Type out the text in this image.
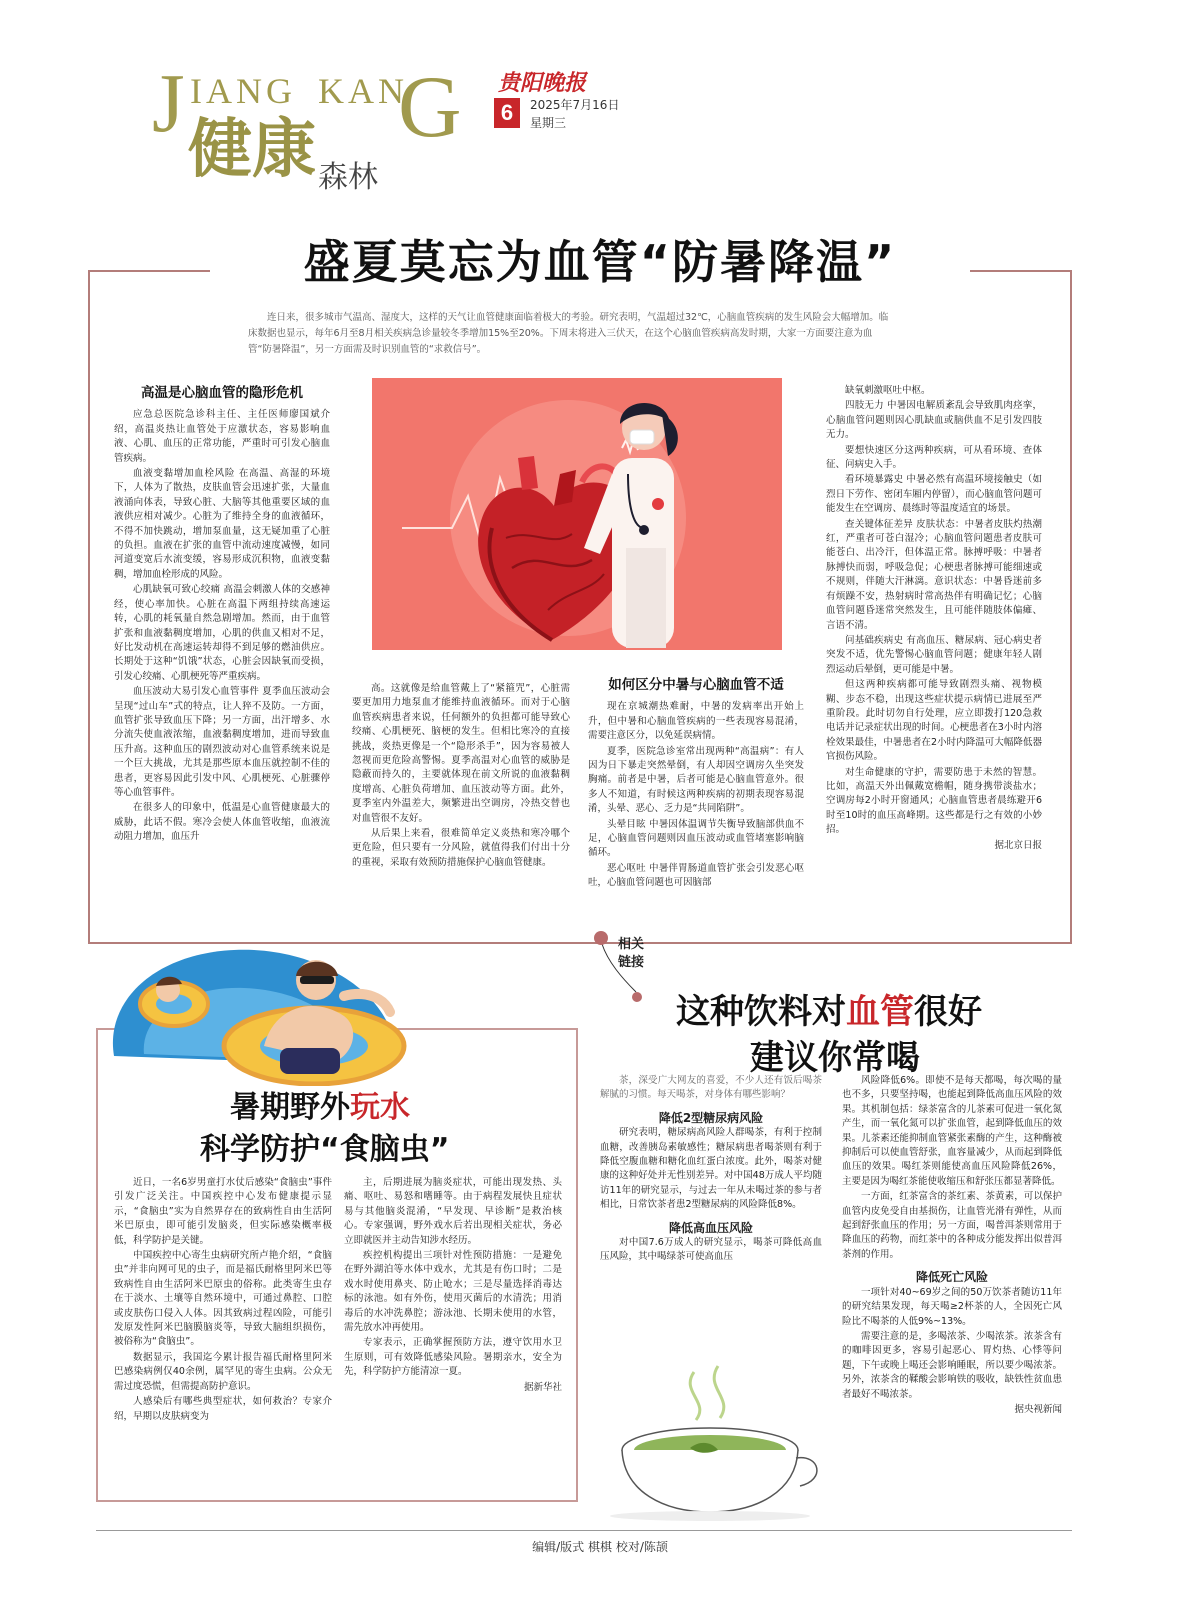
J IANG KAN
G
健康 森林
贵阳晚报
6	2025年7月16日
星期三
盛夏莫忘为血管“防暑降温”
连日来，很多城市气温高、湿度大，这样的天气让血管健康面临着极大的考验。研究表明，气温超过32℃，心脑血管疾病的发生风险会大幅增加。临床数据也显示，每年6月至8月相关疾病急诊量较冬季增加15%至20%。下周末将进入三伏天，在这个心脑血管疾病高发时期，大家一方面要注意为血管“防暑降温”，另一方面需及时识别血管的“求救信号”。
高温是心脑血管的隐形危机

应急总医院急诊科主任、主任医师廖国斌介绍，高温炎热让血管处于应激状态，容易影响血液、心肌、血压的正常功能，严重时可引发心脑血管疾病。

血液变黏增加血栓风险 在高温、高湿的环境下，人体为了散热，皮肤血管会迅速扩张，大量血液涌向体表，导致心脏、大脑等其他重要区域的血液供应相对减少。心脏为了维持全身的血液循环，不得不加快跳动，增加泵血量，这无疑加重了心脏的负担。血液在扩张的血管中流动速度减慢，如同河道变宽后水流变缓，容易形成沉积物，血液变黏稠，增加血栓形成的风险。

心肌缺氧可致心绞痛 高温会刺激人体的交感神经，使心率加快。心脏在高温下两组持续高速运转，心肌的耗氧量自然急剧增加。然而，由于血管扩张和血液黏稠度增加，心肌的供血又相对不足，好比发动机在高速运转却得不到足够的燃油供应。长期处于这种“饥饿”状态，心脏会因缺氧而受损，引发心绞痛、心肌梗死等严重疾病。

血压波动大易引发心血管事件 夏季血压波动会呈现“过山车”式的特点，让人猝不及防。一方面，血管扩张导致血压下降；另一方面，出汗增多、水分流失使血液浓缩，血液黏稠度增加，进而导致血压升高。这种血压的剧烈波动对心血管系统来说是一个巨大挑战，尤其是那些原本血压就控制不佳的患者，更容易因此引发中风、心肌梗死、心脏骤停等心血管事件。

在很多人的印象中，低温是心血管健康最大的威胁，此话不假。寒冷会使人体血管收缩，血液流动阻力增加，血压升

高。这就像是给血管戴上了“紧箍咒”，心脏需要更加用力地泵血才能维持血液循环。而对于心脑血管疾病患者来说，任何额外的负担都可能导致心绞痛、心肌梗死、脑梗的发生。但相比寒冷的直接挑战，炎热更像是一个“隐形杀手”，因为容易被人忽视而更危险高警惕。夏季高温对心血管的威胁是隐蔽而持久的，主要就体现在前文所说的血液黏稠度增高、心脏负荷增加、血压波动等方面。此外，夏季室内外温差大，频繁进出空调房，冷热交替也对血管很不友好。

从后果上来看，很难简单定义炎热和寒冷哪个更危险，但只要有一分风险，就值得我们付出十分的重视，采取有效预防措施保护心脑血管健康。

如何区分中暑与心脑血管不适

现在京城潮热难耐，中暑的发病率出开始上升，但中暑和心脑血管疾病的一些表现容易混淆，需要注意区分，以免延误病情。

夏季，医院急诊室常出现两种“高温病”：有人因为日下暴走突然晕倒，有人却因空调房久坐突发胸痛。前者是中暑，后者可能是心脑血管意外。很多人不知道，有时候这两种疾病的初期表现容易混淆，头晕、恶心、乏力是“共同陷阱”。

头晕目眩 中暑因体温调节失衡导致脑部供血不足，心脑血管问题则因血压波动或血管堵塞影响脑循环。

恶心呕吐 中暑伴胃肠道血管扩张会引发恶心呕吐，心脑血管问题也可因脑部

缺氧刺激呕吐中枢。

四肢无力 中暑因电解质紊乱会导致肌肉痉挛，心脑血管问题则因心肌缺血或脑供血不足引发四肢无力。

要想快速区分这两种疾病，可从看环境、查体征、问病史入手。

看环境暴露史 中暑必然有高温环境接触史（如烈日下劳作、密闭车厢内停留），而心脑血管问题可能发生在空调房、晨练时等温度适宜的场景。

查关键体征差异 皮肤状态：中暑者皮肤灼热潮红，严重者可苍白湿冷；心脑血管问题患者皮肤可能苍白、出冷汗，但体温正常。脉搏呼吸：中暑者脉搏快而弱，呼吸急促；心梗患者脉搏可能细速或不规则，伴随大汗淋漓。意识状态：中暑昏迷前多有烦躁不安，热射病时常高热伴有明确记忆；心脑血管问题昏迷常突然发生，且可能伴随肢体偏瘫、言语不清。

问基础疾病史 有高血压、糖尿病、冠心病史者突发不适，优先警惕心脑血管问题；健康年轻人剧烈运动后晕倒，更可能是中暑。

但这两种疾病都可能导致剧烈头痛、视物模糊、步态不稳，出现这些症状提示病情已进展至严重阶段。此时切勿自行处理，应立即拨打120急救电话并记录症状出现的时间。心梗患者在3小时内溶栓效果最佳，中暑患者在2小时内降温可大幅降低器官损伤风险。

对生命健康的守护，需要防患于未然的智慧。比如，高温天外出佩戴宽檐帽，随身携带淡盐水；空调房每2小时开窗通风；心脑血管患者晨练避开6时至10时的血压高峰期。这些都是行之有效的小妙招。

据北京日报

相关链接
这种饮料对血管很好
建议你常喝

茶，深受广大网友的喜爱，不少人还有饭后喝茶解腻的习惯。每天喝茶，对身体有哪些影响？

降低2型糖尿病风险

研究表明，糖尿病高风险人群喝茶，有利于控制血糖，改善胰岛素敏感性；糖尿病患者喝茶则有利于降低空腹血糖和糖化血红蛋白浓度。此外，喝茶对健康的这种好处并无性别差异。对中国48万成人平均随访11年的研究显示，与过去一年从未喝过茶的参与者相比，日常饮茶者患2型糖尿病的风险降低8%。

降低高血压风险

对中国7.6万成人的研究显示，喝茶可降低高血压风险，其中喝绿茶可使高血压

风险降低6%。即使不是每天都喝，每次喝的量也不多，只要坚持喝，也能起到降低高血压风险的效果。其机制包括：绿茶富含的儿茶素可促进一氧化氮产生，而一氧化氮可以扩张血管，起到降低血压的效果。儿茶素还能抑制血管紧张素酶的产生，这种酶被抑制后可以使血管舒张，血容量减少，从而起到降低血压的效果。喝红茶则能使高血压风险降低26%，主要是因为喝红茶能使收缩压和舒张压都显著降低。

一方面，红茶富含的茶红素、茶黄素，可以保护血管内皮免受自由基损伤，让血管光滑有弹性，从而起到舒张血压的作用；另一方面，喝普洱茶则常用于降血压的药物，而红茶中的各种成分能发挥出似普洱茶剂的作用。

降低死亡风险

一项针对40~69岁之间的50万饮茶者随访11年的研究结果发现，每天喝≥2杯茶的人，全因死亡风险比不喝茶的人低9%~13%。

需要注意的是，多喝浓茶、少喝浓茶。浓茶含有的咖啡因更多，容易引起恶心、胃灼热、心悸等问题，下午或晚上喝还会影响睡眠，所以要少喝浓茶。另外，浓茶含的鞣酸会影响铁的吸收，缺铁性贫血患者最好不喝浓茶。

据央视新闻

暑期野外玩水
科学防护“食脑虫”

近日，一名6岁男童打水仗后感染“食脑虫”事件引发广泛关注。中国疾控中心发布健康提示显示，“食脑虫”实为自然界存在的致病性自由生活阿米巴原虫，即可能引发脑炎，但实际感染概率极低，科学防护是关键。

中国疾控中心寄生虫病研究所卢艳介绍，“食脑虫”并非向网可见的虫子，而是福氏耐格里阿米巴等致病性自由生活阿米巴原虫的俗称。此类寄生虫存在于淡水、土壤等自然环境中，可通过鼻腔、口腔或皮肤伤口侵入人体。因其致病过程凶险，可能引发原发性阿米巴脑膜脑炎等，导致大脑组织损伤，被俗称为“食脑虫”。

数据显示，我国迄今累计报告福氏耐格里阿米巴感染病例仅40余例，属罕见的寄生虫病。公众无需过度恐慌，但需提高防护意识。

人感染后有哪些典型症状，如何救治？专家介绍，早期以皮肤病变为

主，后期进展为脑炎症状，可能出现发热、头痛、呕吐、易怒和嗜睡等。由于病程发展快且症状易与其他脑炎混淆，“早发现、早诊断”是救治核心。专家强调，野外戏水后若出现相关症状，务必立即就医并主动告知涉水经历。

疾控机构提出三项针对性预防措施：一是避免在野外湖泊等水体中戏水，尤其是有伤口时；二是戏水时使用鼻夹、防止呛水；三是尽量选择消毒达标的泳池。如有外伤，使用灭菌后的水清洗；用消毒后的水冲洗鼻腔；游泳池、长期未使用的水管，需先放水冲再使用。

专家表示，正确掌握预防方法，遵守饮用水卫生原则，可有效降低感染风险。暑期亲水，安全为先，科学防护方能清凉一夏。

据新华社

编辑/版式 棋棋 校对/陈颉
